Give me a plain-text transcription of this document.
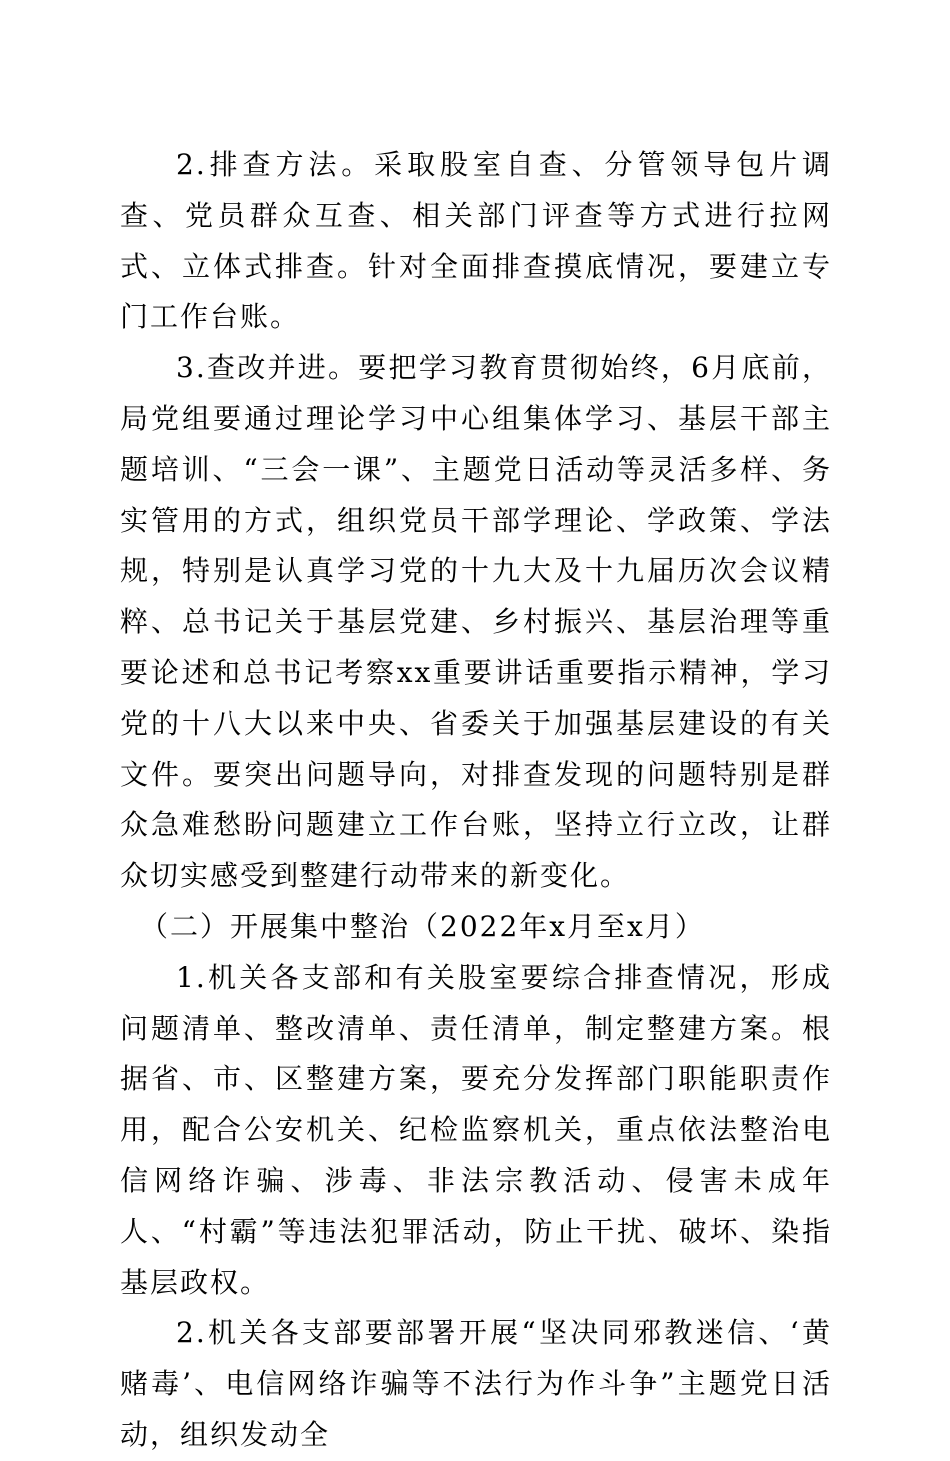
2.排查方法。采取股室自查、分管领导包片调查、党员群众互查、相关部门评查等方式进行拉网式、立体式排查。针对全面排查摸底情况，要建立专门工作台账。

3.查改并进。要把学习教育贯彻始终，6月底前，局党组要通过理论学习中心组集体学习、基层干部主题培训、“三会一课”、主题党日活动等灵活多样、务实管用的方式，组织党员干部学理论、学政策、学法规，特别是认真学习党的十九大及十九届历次会议精粹、总书记关于基层党建、乡村振兴、基层治理等重要论述和总书记考察xx重要讲话重要指示精神，学习党的十八大以来中央、省委关于加强基层建设的有关文件。要突出问题导向，对排查发现的问题特别是群众急难愁盼问题建立工作台账，坚持立行立改，让群众切实感受到整建行动带来的新变化。

（二）开展集中整治（2022年x月至x月）

1.机关各支部和有关股室要综合排查情况，形成问题清单、整改清单、责任清单，制定整建方案。根据省、市、区整建方案，要充分发挥部门职能职责作用，配合公安机关、纪检监察机关，重点依法整治电信网络诈骗、涉毒、非法宗教活动、侵害未成年人、“村霸”等违法犯罪活动，防止干扰、破坏、染指基层政权。

2.机关各支部要部署开展“坚决同邪教迷信、‘黄赌毒’、电信网络诈骗等不法行为作斗争”主题党日活动，组织发动全
